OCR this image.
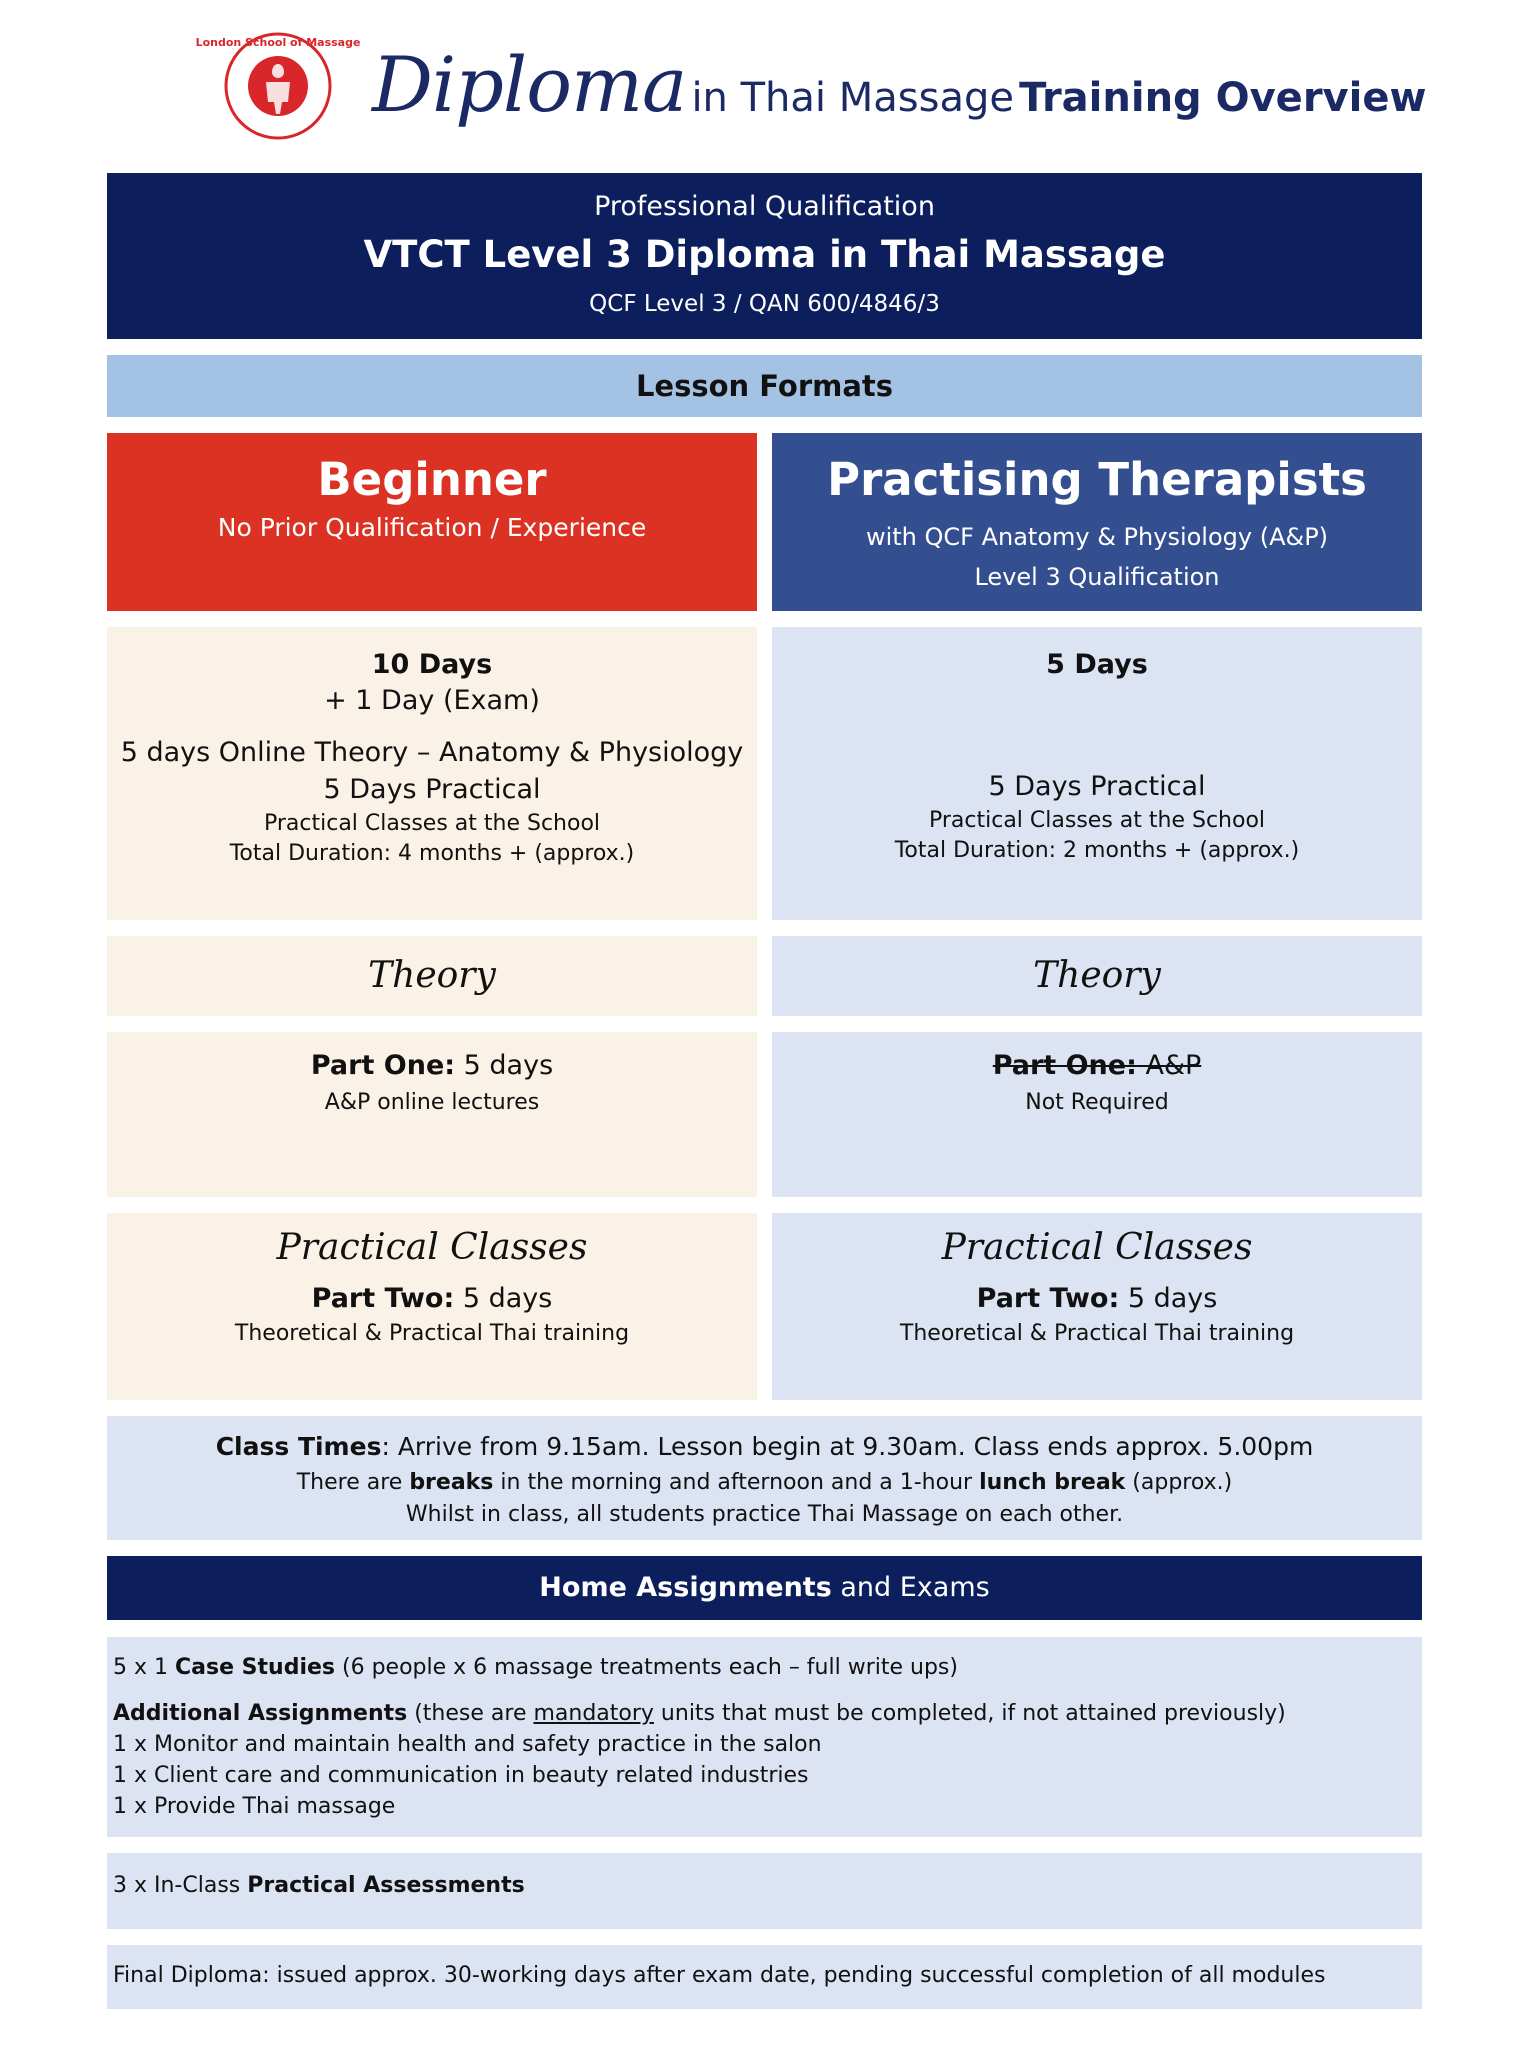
London School of Massage Diploma in Thai Massage Training Overview
Professional Qualification
VTCT Level 3 Diploma in Thai Massage
QCF Level 3 / QAN 600/4846/3
Lesson Formats
Beginner
No Prior Qualification / Experience
Practising Therapists
with QCF Anatomy & Physiology (A&P)
Level 3 Qualification
10 Days
+ 1 Day (Exam)
5 days Online Theory – Anatomy & Physiology
5 Days Practical
Practical Classes at the School
Total Duration: 4 months + (approx.)
5 Days
5 Days Practical
Practical Classes at the School
Total Duration: 2 months + (approx.)
Theory	Theory
Part One: 5 days
A&P online lectures
Part One: A&P
Not Required
Practical Classes
Part Two: 5 days
Theoretical & Practical Thai training
Practical Classes
Part Two: 5 days
Theoretical & Practical Thai training
Class Times: Arrive from 9.15am. Lesson begin at 9.30am. Class ends approx. 5.00pm
There are breaks in the morning and afternoon and a 1-hour lunch break (approx.)
Whilst in class, all students practice Thai Massage on each other.
Home Assignments and Exams
5 x 1 Case Studies (6 people x 6 massage treatments each – full write ups)
Additional Assignments (these are mandatory units that must be completed, if not attained previously)
1 x Monitor and maintain health and safety practice in the salon
1 x Client care and communication in beauty related industries
1 x Provide Thai massage
3 x In-Class Practical Assessments
Final Diploma: issued approx. 30-working days after exam date, pending successful completion of all modules
